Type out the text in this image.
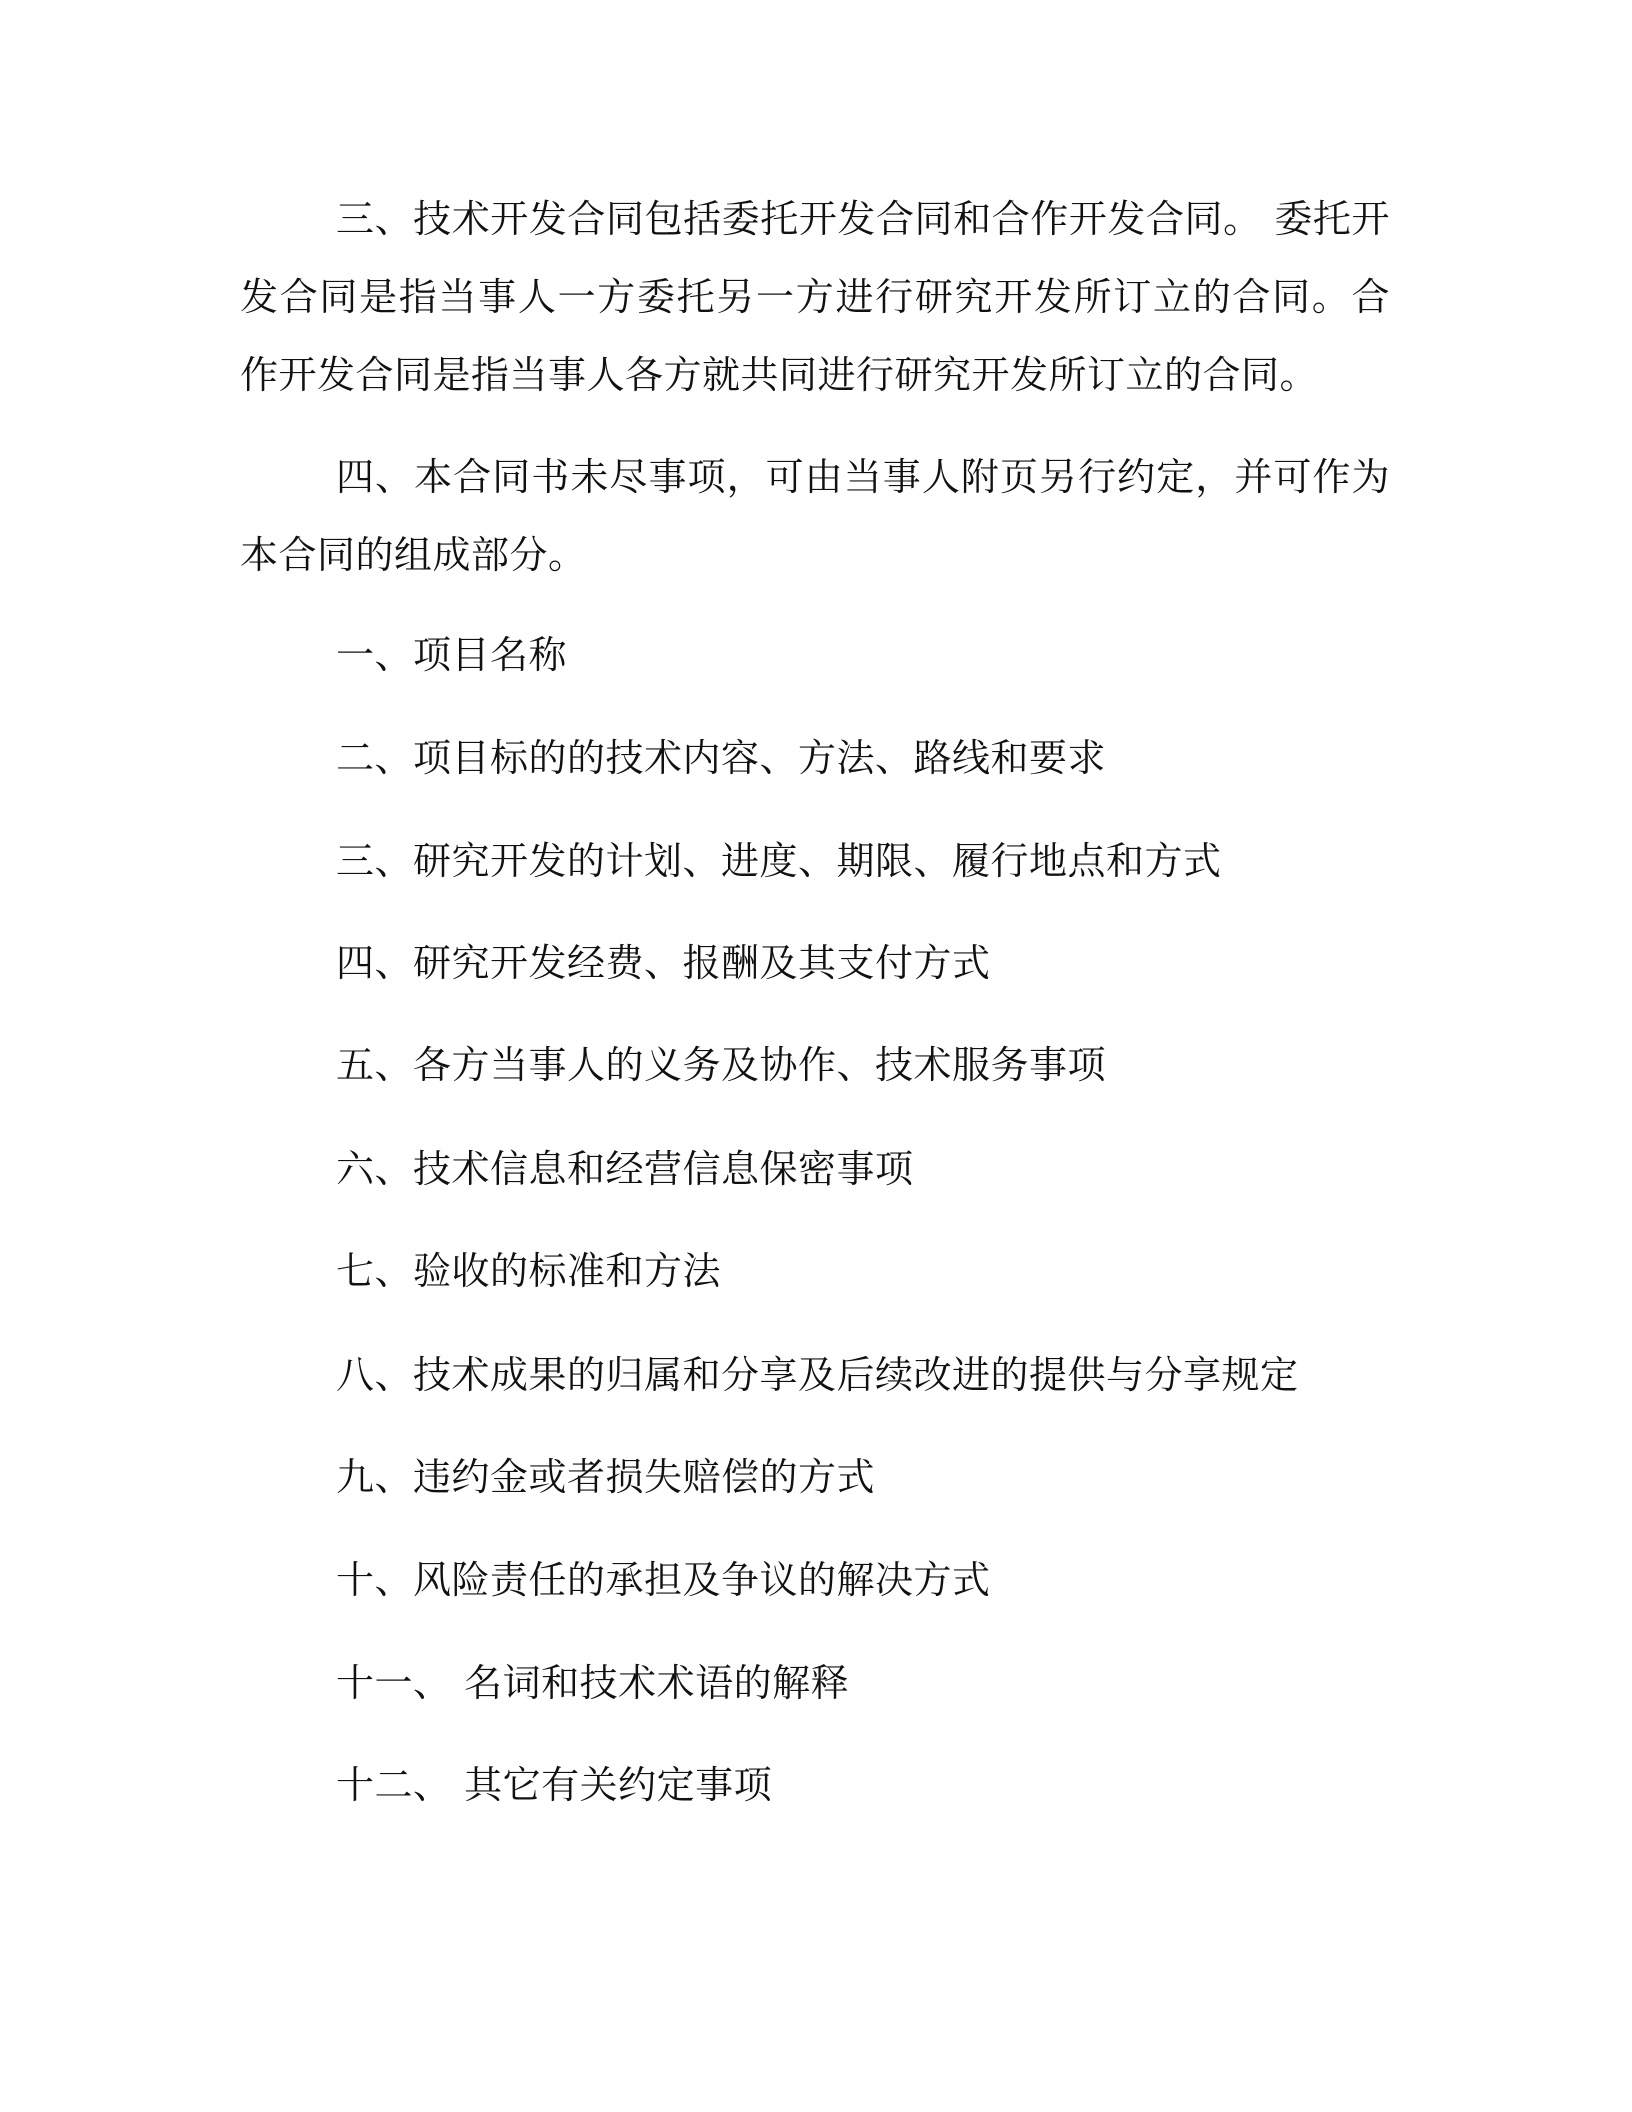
三、技术开发合同包括委托开发合同和合作开发合同。 委托开发合同是指当事人一方委托另一方进行研究开发所订立的合同。合作开发合同是指当事人各方就共同进行研究开发所订立的合同。

四、本合同书未尽事项，可由当事人附页另行约定，并可作为本合同的组成部分。

一、项目名称

二、项目标的的技术内容、方法、路线和要求

三、研究开发的计划、进度、期限、履行地点和方式

四、研究开发经费、报酬及其支付方式

五、各方当事人的义务及协作、技术服务事项

六、技术信息和经营信息保密事项

七、验收的标准和方法

八、技术成果的归属和分享及后续改进的提供与分享规定

九、违约金或者损失赔偿的方式

十、风险责任的承担及争议的解决方式

十一、 名词和技术术语的解释

十二、 其它有关约定事项
